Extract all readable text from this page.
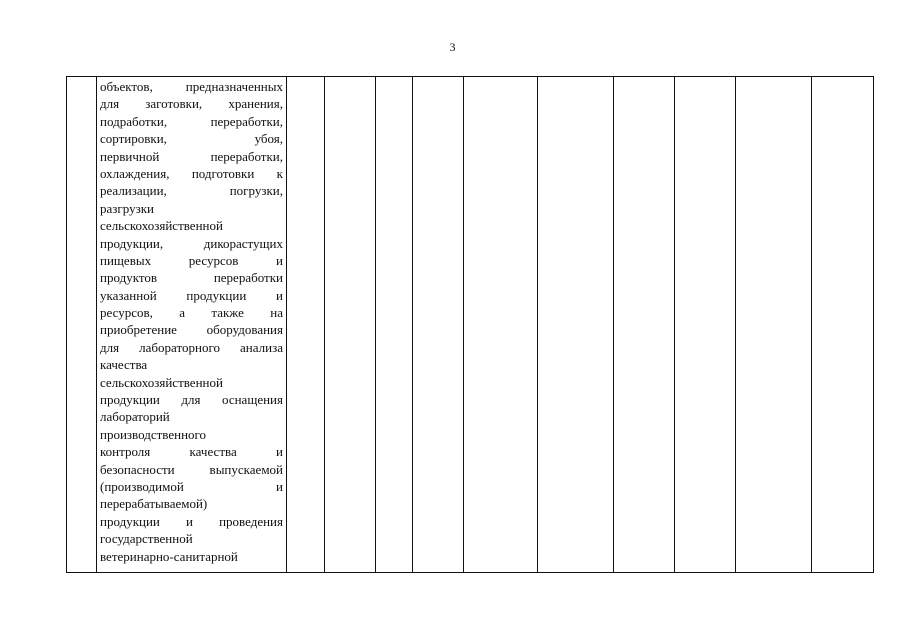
3

объектов, предназначенных
для заготовки, хранения,
подработки, переработки,
сортировки, убоя,
первичной переработки,
охлаждения, подготовки к
реализации, погрузки,
разгрузки
сельскохозяйственной
продукции, дикорастущих
пищевых ресурсов и
продуктов переработки
указанной продукции и
ресурсов, а также на
приобретение оборудования
для лабораторного анализа
качества
сельскохозяйственной
продукции для оснащения
лабораторий
производственного
контроля качества и
безопасности выпускаемой
(производимой и
перерабатываемой)
продукции и проведения
государственной
ветеринарно-санитарной
